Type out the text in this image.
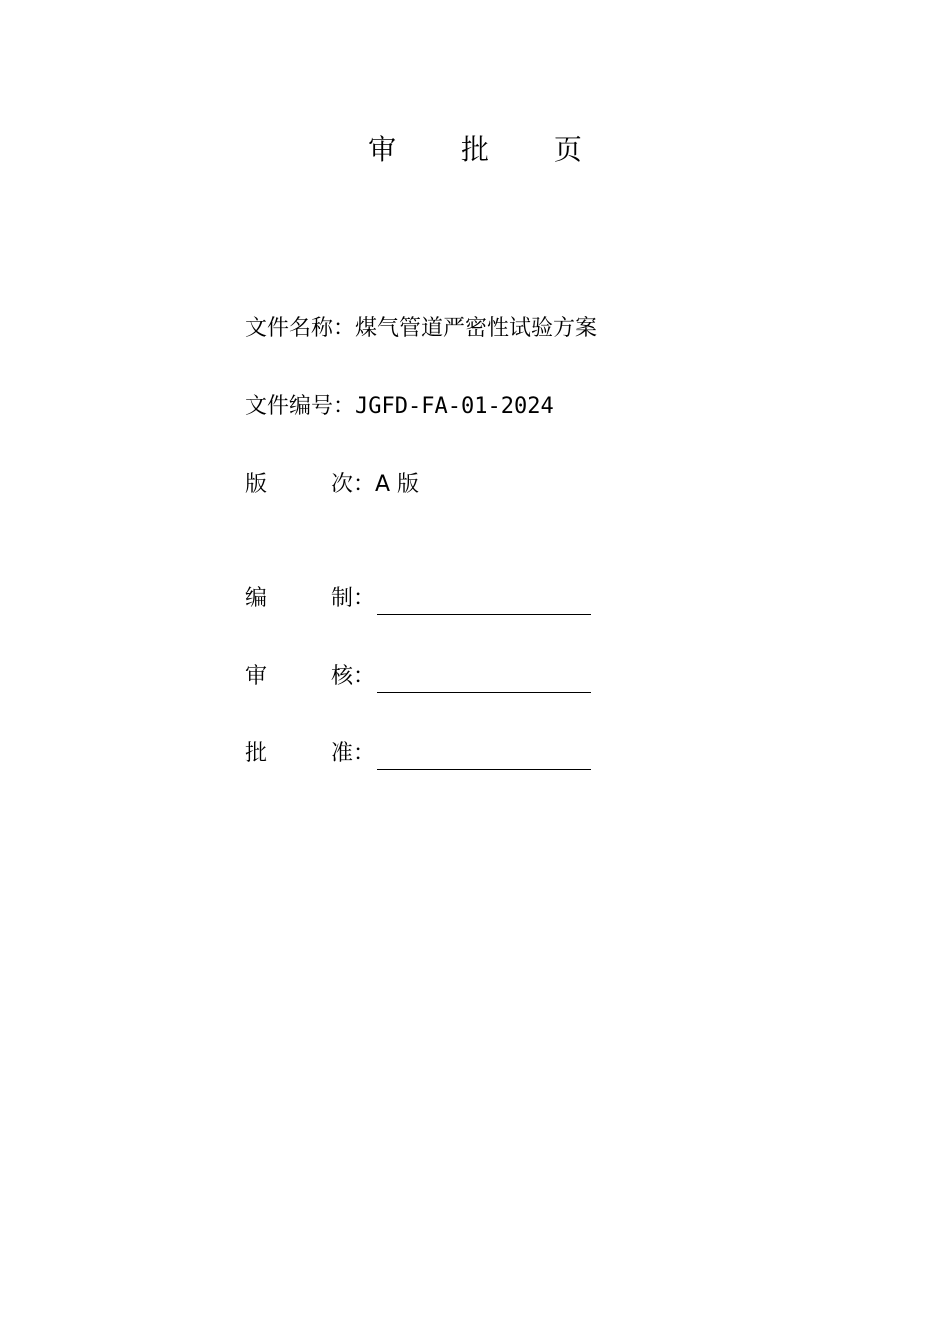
审 批 页
文件名称：煤气管道严密性试验方案
文件编号：JGFD-FA-01-2024
版次：A 版
编制：
审核：
批准：
